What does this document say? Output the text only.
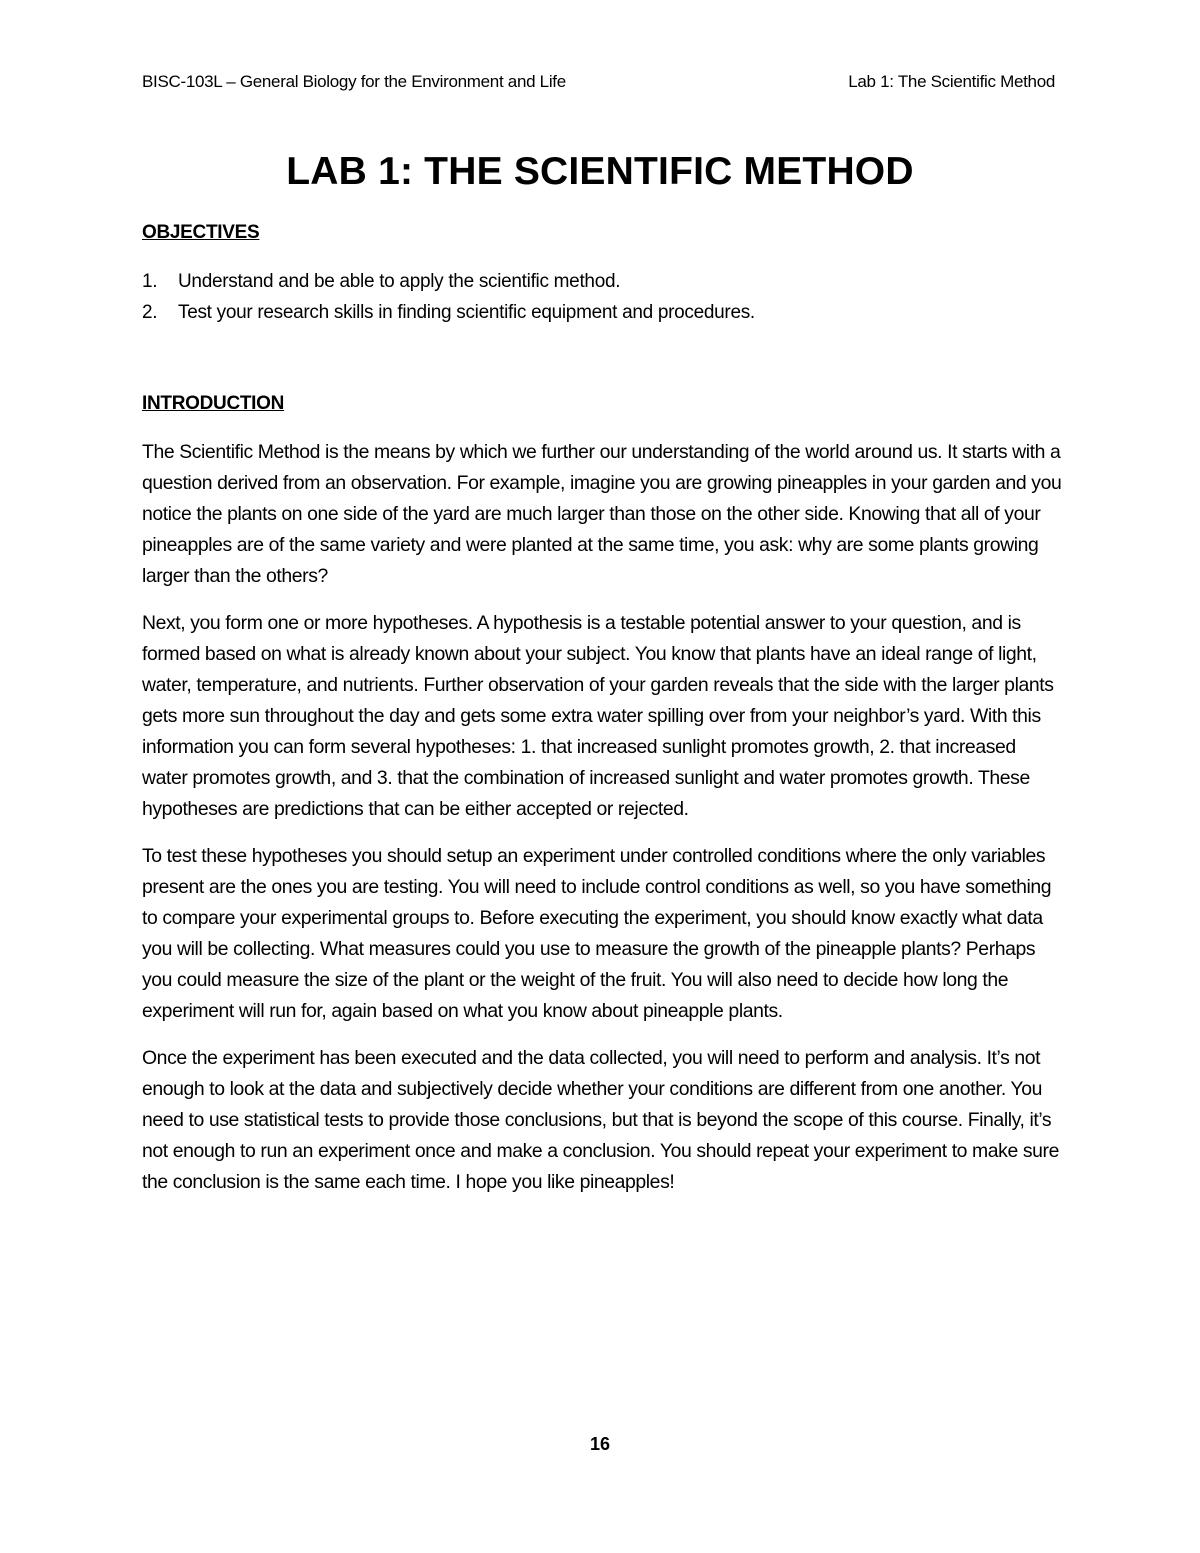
BISC-103L – General Biology for the Environment and Life	Lab 1: The Scientific Method
LAB 1: THE SCIENTIFIC METHOD
OBJECTIVES
1. Understand and be able to apply the scientific method.
2. Test your research skills in finding scientific equipment and procedures.
INTRODUCTION

The Scientific Method is the means by which we further our understanding of the world around us. It starts with a question derived from an observation. For example, imagine you are growing pineapples in your garden and you notice the plants on one side of the yard are much larger than those on the other side. Knowing that all of your pineapples are of the same variety and were planted at the same time, you ask: why are some plants growing larger than the others?

Next, you form one or more hypotheses. A hypothesis is a testable potential answer to your question, and is formed based on what is already known about your subject. You know that plants have an ideal range of light, water, temperature, and nutrients. Further observation of your garden reveals that the side with the larger plants gets more sun throughout the day and gets some extra water spilling over from your neighbor’s yard. With this information you can form several hypotheses: 1. that increased sunlight promotes growth, 2. that increased water promotes growth, and 3. that the combination of increased sunlight and water promotes growth. These hypotheses are predictions that can be either accepted or rejected.

To test these hypotheses you should setup an experiment under controlled conditions where the only variables present are the ones you are testing. You will need to include control conditions as well, so you have something to compare your experimental groups to. Before executing the experiment, you should know exactly what data you will be collecting. What measures could you use to measure the growth of the pineapple plants? Perhaps you could measure the size of the plant or the weight of the fruit. You will also need to decide how long the experiment will run for, again based on what you know about pineapple plants.

Once the experiment has been executed and the data collected, you will need to perform and analysis. It’s not enough to look at the data and subjectively decide whether your conditions are different from one another. You need to use statistical tests to provide those conclusions, but that is beyond the scope of this course. Finally, it’s not enough to run an experiment once and make a conclusion. You should repeat your experiment to make sure the conclusion is the same each time. I hope you like pineapples!

16
